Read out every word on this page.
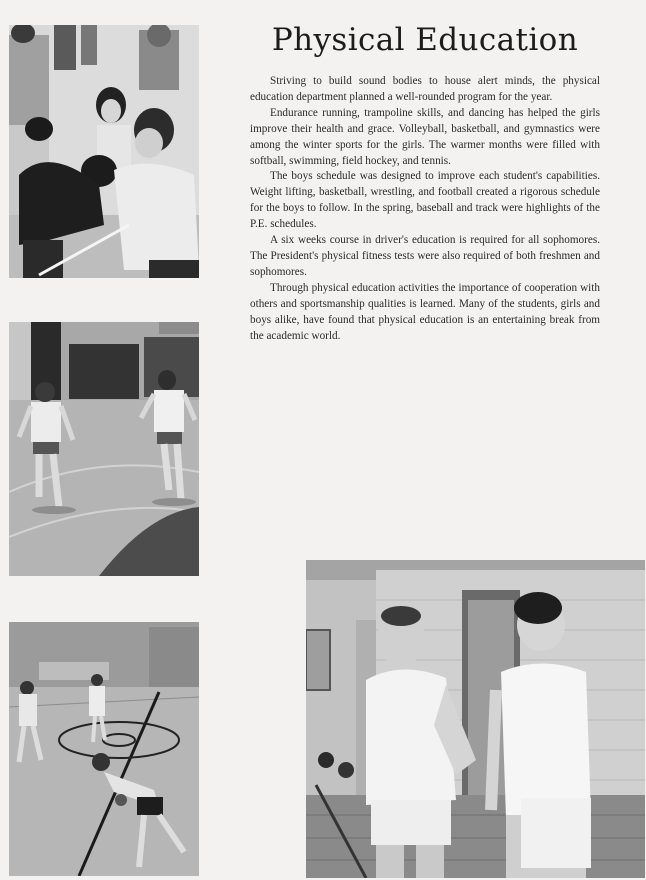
Physical Education

Striving to build sound bodies to house alert minds, the physical education department planned a well-rounded program for the year.

Endurance running, trampoline skills, and dancing has helped the girls improve their health and grace. Volleyball, basketball, and gymnastics were among the winter sports for the girls. The warmer months were filled with softball, swimming, field hockey, and tennis.

The boys schedule was designed to improve each student's capabilities. Weight lifting, basketball, wrestling, and football created a rigorous schedule for the boys to follow. In the spring, baseball and track were highlights of the P.E. schedules.

A six weeks course in driver's education is required for all sophomores. The President's physical fitness tests were also required of both freshmen and sophomores.

Through physical education activities the importance of cooperation with others and sportsmanship qualities is learned. Many of the students, girls and boys alike, have found that physical education is an entertaining break from the academic world.
